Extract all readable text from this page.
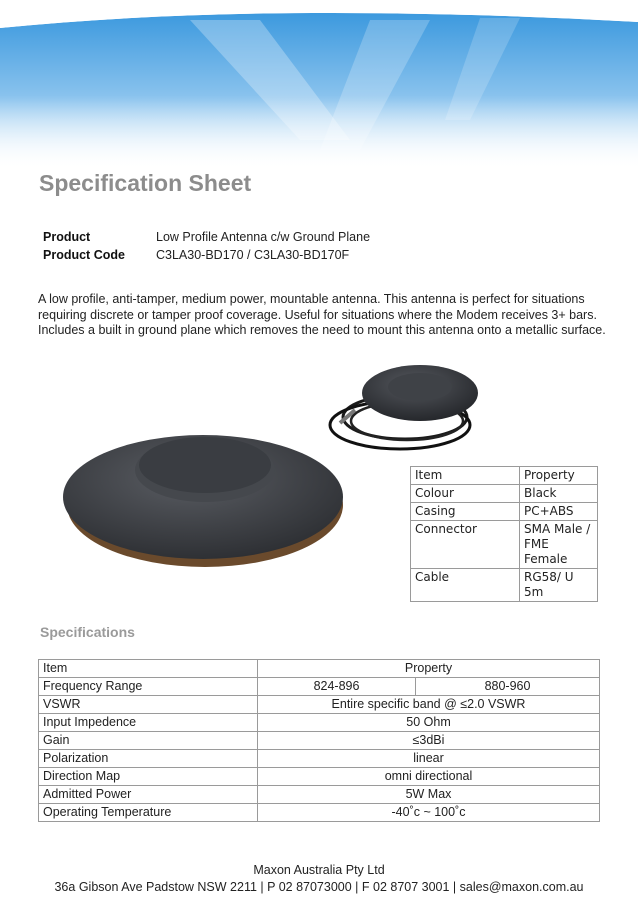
Specification Sheet
Product	Low Profile Antenna c/w Ground Plane
Product Code	C3LA30-BD170 / C3LA30-BD170F

A low profile, anti-tamper, medium power, mountable antenna. This antenna is perfect for situations requiring discrete or tamper proof coverage. Useful for situations where the Modem receives 3+ bars. Includes a built in ground plane which removes the need to mount this antenna onto a metallic surface.

Item	Property
Colour	Black
Casing	PC+ABS
Connector	SMA Male / FME Female
Cable	RG58/ U 5m
Specifications
Item	Property	
Frequency Range	824-896	880-960
VSWR	Entire specific band @ ≤2.0 VSWR	
Input Impedence	50 Ohm	
Gain	≤3dBi	
Polarization	linear	
Direction Map	omni directional	
Admitted Power	5W Max	
Operating Temperature	-40˚c ~ 100˚c	
Maxon Australia Pty Ltd
36a Gibson Ave Padstow NSW 2211 | P 02 87073000 | F 02 8707 3001 | sales@maxon.com.au
